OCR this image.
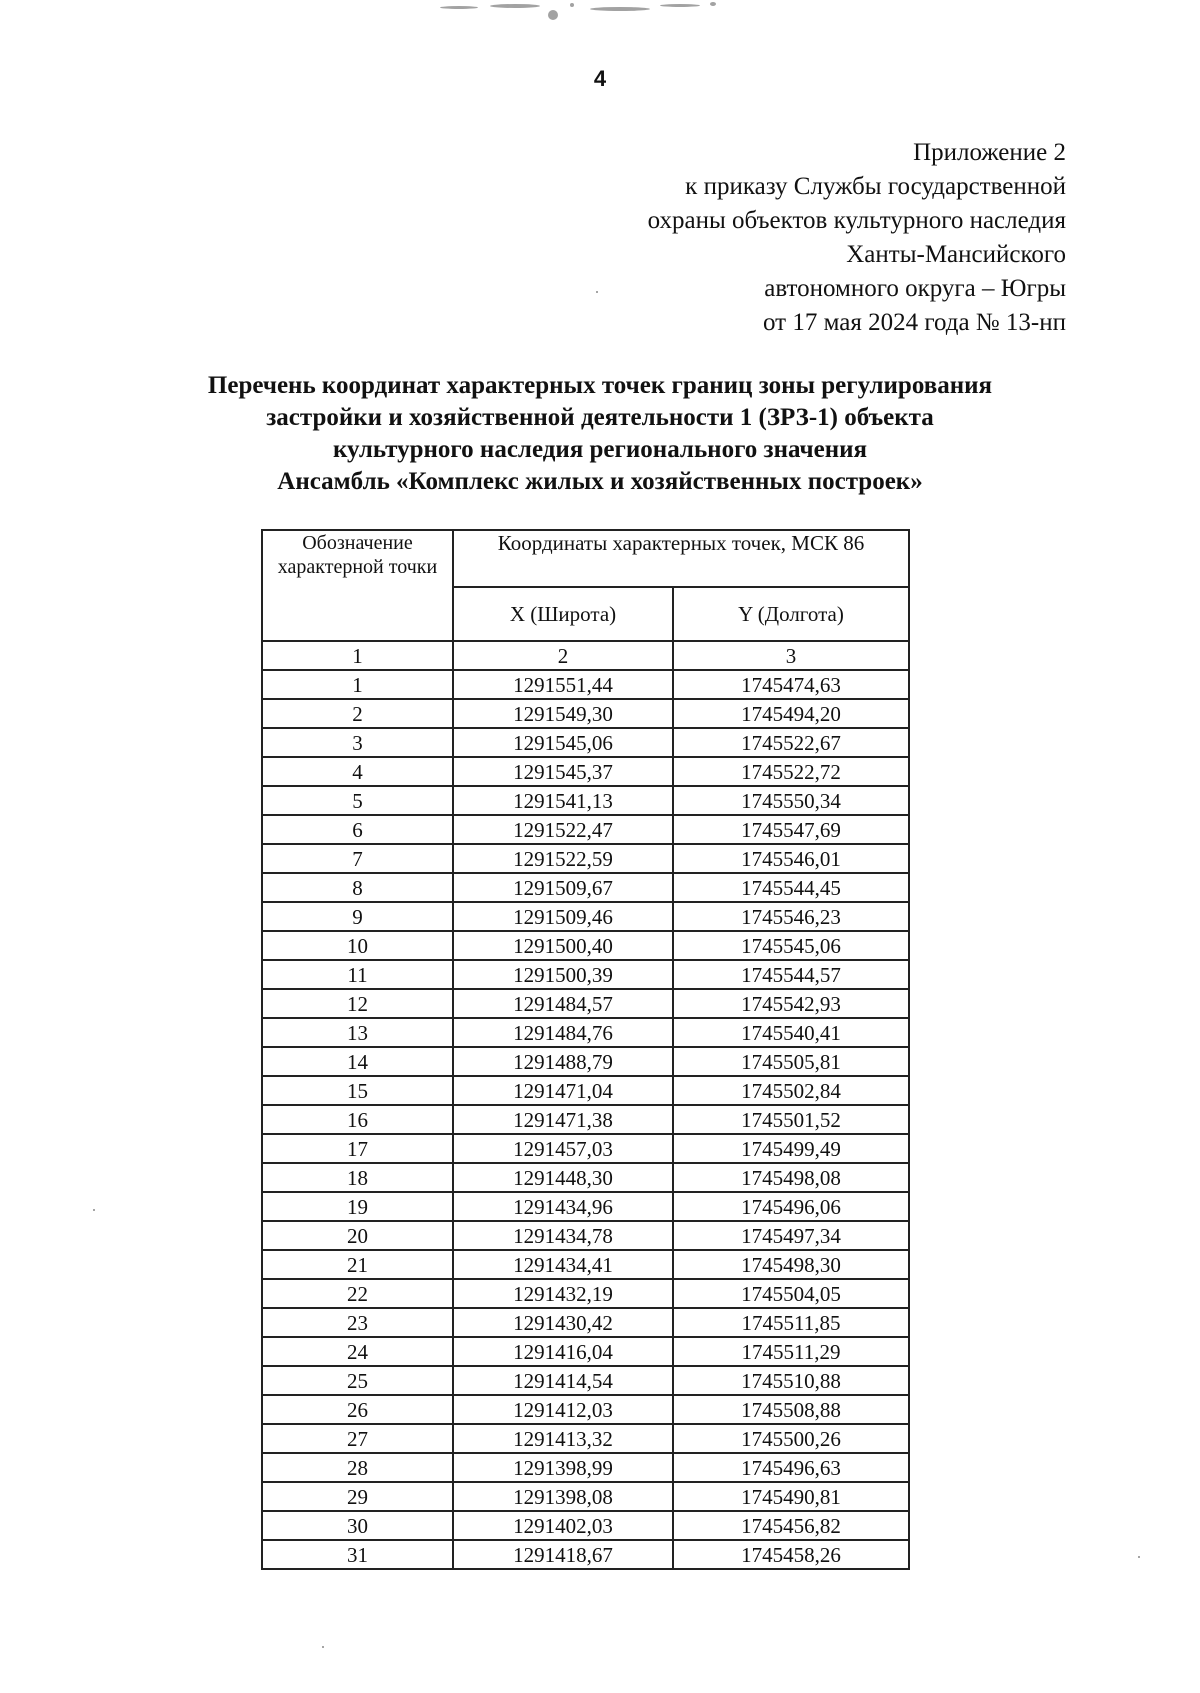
4
Приложение 2
к приказу Службы государственной
охраны объектов культурного наследия
Ханты-Мансийского
автономного округа – Югры
от 17 мая 2024 года № 13-нп
Перечень координат характерных точек границ зоны регулирования
застройки и хозяйственной деятельности 1 (ЗРЗ-1) объекта
культурного наследия регионального значения
Ансамбль «Комплекс жилых и хозяйственных построек»
Обозначение характерной точки	Координаты характерных точек, МСК 86	
	X (Широта)	Y (Долгота)
1	2	3
1	1291551,44	1745474,63
2	1291549,30	1745494,20
3	1291545,06	1745522,67
4	1291545,37	1745522,72
5	1291541,13	1745550,34
6	1291522,47	1745547,69
7	1291522,59	1745546,01
8	1291509,67	1745544,45
9	1291509,46	1745546,23
10	1291500,40	1745545,06
11	1291500,39	1745544,57
12	1291484,57	1745542,93
13	1291484,76	1745540,41
14	1291488,79	1745505,81
15	1291471,04	1745502,84
16	1291471,38	1745501,52
17	1291457,03	1745499,49
18	1291448,30	1745498,08
19	1291434,96	1745496,06
20	1291434,78	1745497,34
21	1291434,41	1745498,30
22	1291432,19	1745504,05
23	1291430,42	1745511,85
24	1291416,04	1745511,29
25	1291414,54	1745510,88
26	1291412,03	1745508,88
27	1291413,32	1745500,26
28	1291398,99	1745496,63
29	1291398,08	1745490,81
30	1291402,03	1745456,82
31	1291418,67	1745458,26
